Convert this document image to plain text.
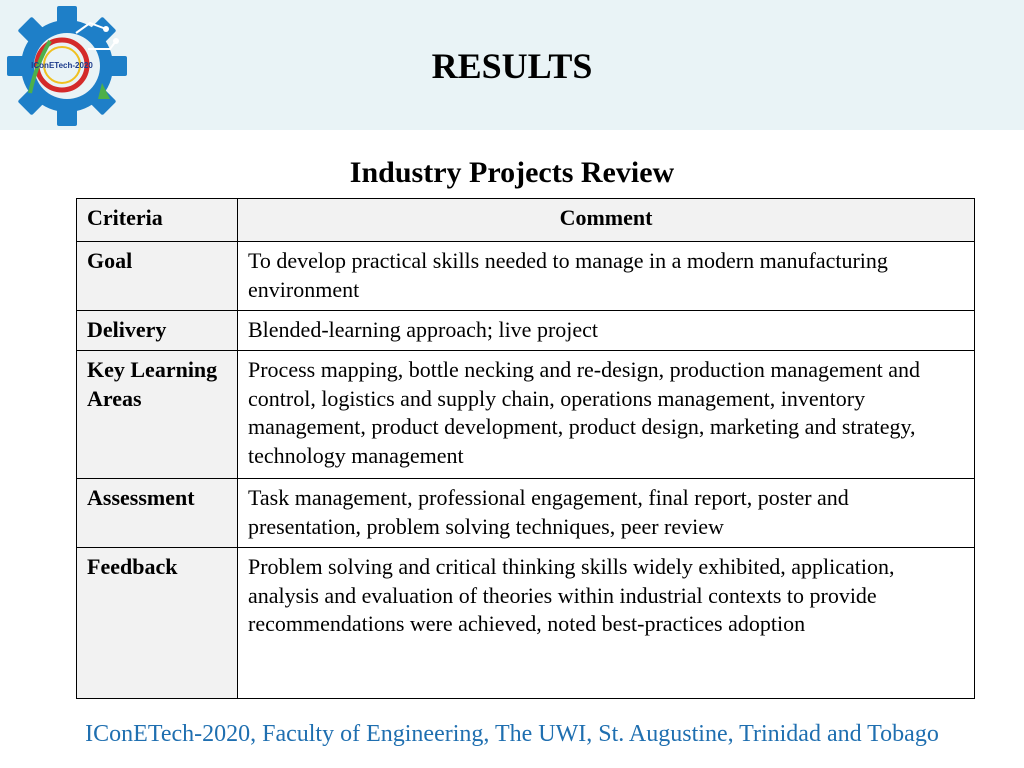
IConETech-2020	RESULTS
Industry Projects Review
Criteria	Comment
Goal	To develop practical skills needed to manage in a modern manufacturing environment
Delivery	Blended-learning approach; live project
Key Learning Areas	Process mapping, bottle necking and re-design, production management and control, logistics and supply chain, operations management, inventory management, product development, product design, marketing and strategy, technology management
Assessment	Task management, professional engagement, final report, poster and presentation, problem solving techniques, peer review
Feedback	Problem solving and critical thinking skills widely exhibited, application, analysis and evaluation of theories within industrial contexts to provide recommendations were achieved, noted best-practices adoption
IConETech-2020, Faculty of Engineering, The UWI, St. Augustine, Trinidad and Tobago
